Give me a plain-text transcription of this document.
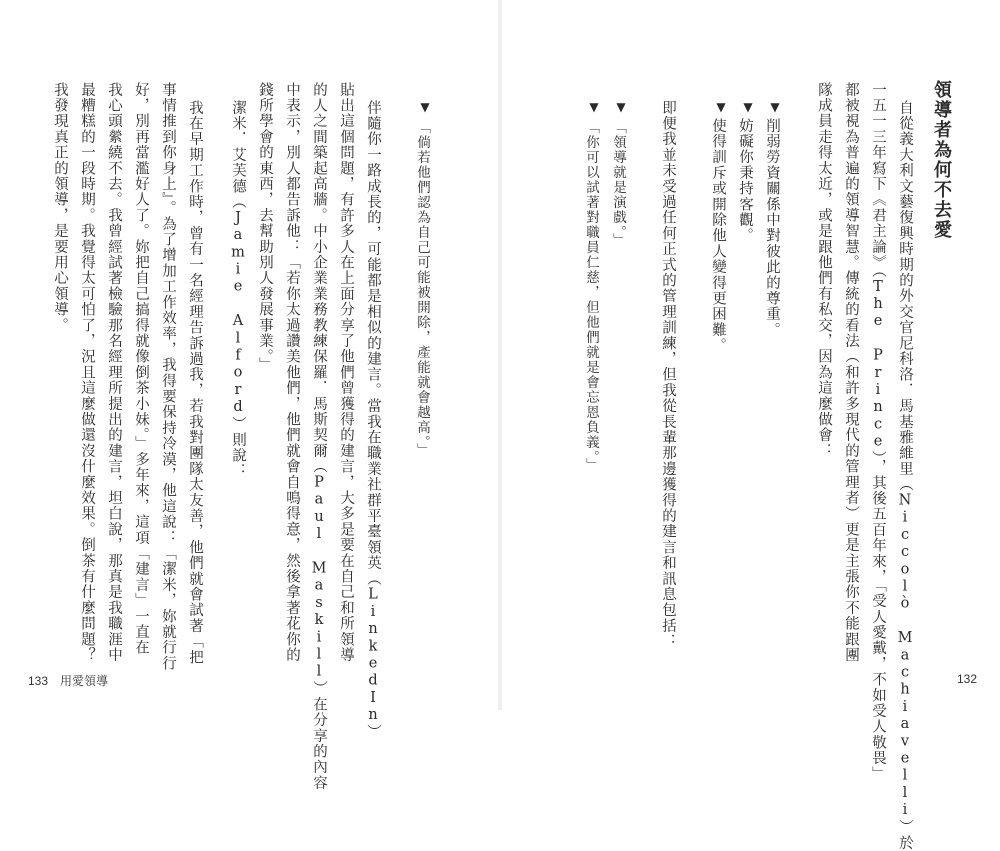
我發現真正的領導，是要用心領導。 最糟糕的一段時期。我覺得太可怕了，況且這麼做還沒什麼效果。倒茶有什麼問題？ 我心頭縈繞不去。我曾經試著檢驗那名經理所提出的建言，坦白說，那真是我職涯中 好，別再當濫好人了。妳把自己搞得就像倒茶小妹。」多年來，這項「建言」一直在 事情推到你身上』。為了增加工作效率，我得要保持冷漠，他這說：「潔米，妳就行行 我在早期工作時，曾有一名經理告訴過我，若我對團隊太友善，他們就會試著「把 潔米．艾芙德（Jamie Alford）則說： 錢所學會的東西，去幫助別人發展事業。」 中表示，別人都告訴他：「若你太過讚美他們，他們就會自鳴得意，然後拿著花你的 的人之間築起高牆。中小企業業務教練保羅．馬斯契爾（Paul Maskill）在分享的內容 貼出這個問題，有許多人在上面分享了他們曾獲得的建言，大多是要在自己和所領導 伴隨你一路成長的，可能都是相似的建言。當我在職業社群平臺領英（LinkedIn）	▼
「倘若他們認為自己可能被開除，產能就會越高。」
133　用愛領導	自從義大利文藝復興時期的外交官尼科洛．馬基雅維里（Niccolò Machiavelli）於
一五一三年寫下《君主論》（The Prince），其後五百年來，「受人愛戴，不如受人敬畏」
都被視為普遍的領導智慧。傳統的看法（和許多現代的管理者）更是主張你不能跟團
隊成員走得太近，或是跟他們有私交，因為這麼做會：	領導者為何不去愛
▼
削弱勞資關係中對彼此的尊重。
▼
妨礙你秉持客觀。
▼
使得訓斥或開除他人變得更困難。
即便我並未受過任何正式的管理訓練，但我從長輩那邊獲得的建言和訊息包括：
▼
「領導就是演戲。」
▼
「你可以試著對職員仁慈，但他們就是會忘恩負義。」
132
